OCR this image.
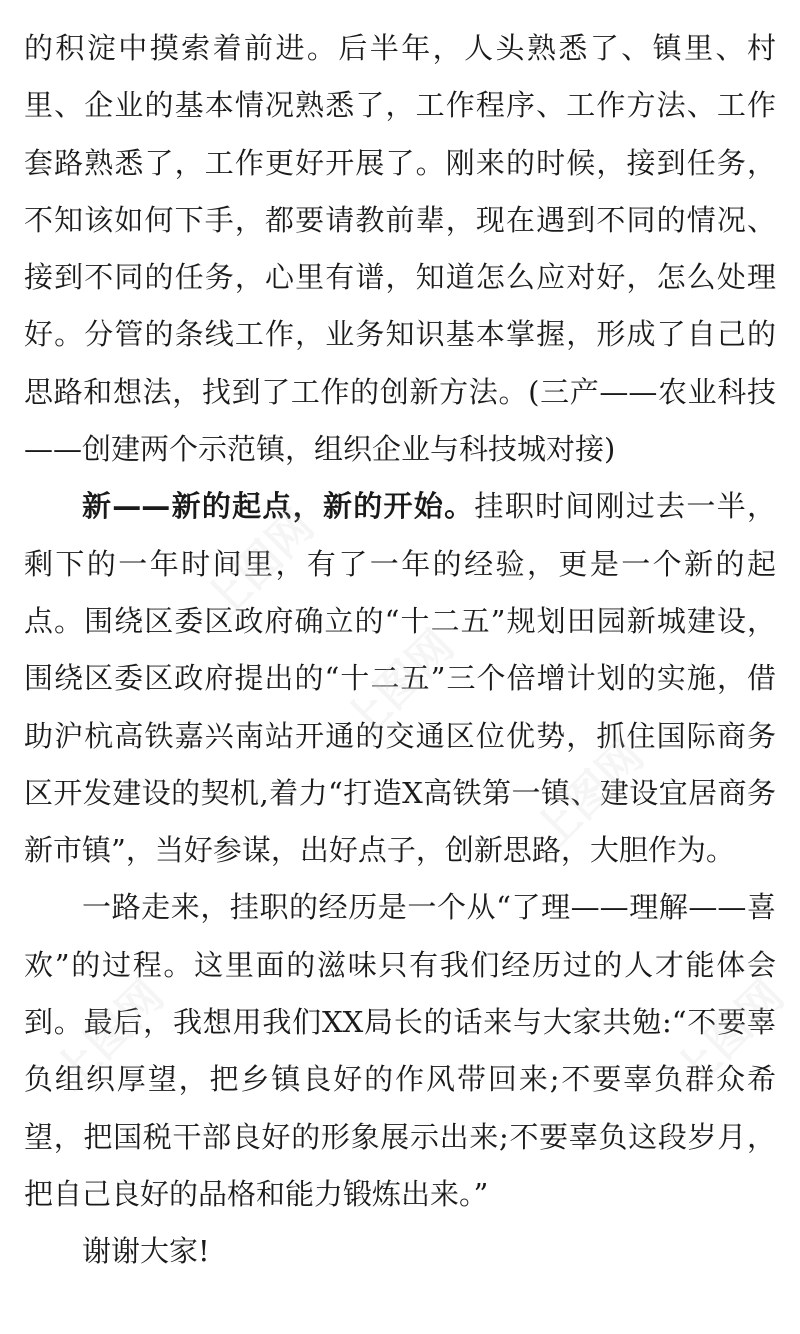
的积淀中摸索着前进。后半年，人头熟悉了、镇里、村里、企业的基本情况熟悉了，工作程序、工作方法、工作套路熟悉了，工作更好开展了。刚来的时候，接到任务，不知该如何下手，都要请教前辈，现在遇到不同的情况、接到不同的任务，心里有谱，知道怎么应对好，怎么处理好。分管的条线工作，业务知识基本掌握，形成了自己的思路和想法，找到了工作的创新方法。(三产——农业科技——创建两个示范镇，组织企业与科技城对接)

新——新的起点，新的开始。挂职时间刚过去一半，剩下的一年时间里，有了一年的经验，更是一个新的起点。围绕区委区政府确立的“十二五”规划田园新城建设，围绕区委区政府提出的“十二五”三个倍增计划的实施，借助沪杭高铁嘉兴南站开通的交通区位优势，抓住国际商务区开发建设的契机,着力“打造X高铁第一镇、建设宜居商务新市镇”，当好参谋，出好点子，创新思路，大胆作为。

一路走来，挂职的经历是一个从“了理——理解——喜欢”的过程。这里面的滋味只有我们经历过的人才能体会到。最后，我想用我们XX局长的话来与大家共勉:“不要辜负组织厚望，把乡镇良好的作风带回来;不要辜负群众希望，把国税干部良好的形象展示出来;不要辜负这段岁月，把自己良好的品格和能力锻炼出来。”

谢谢大家!

上图网
上图网
上图网
上图网	上图网
